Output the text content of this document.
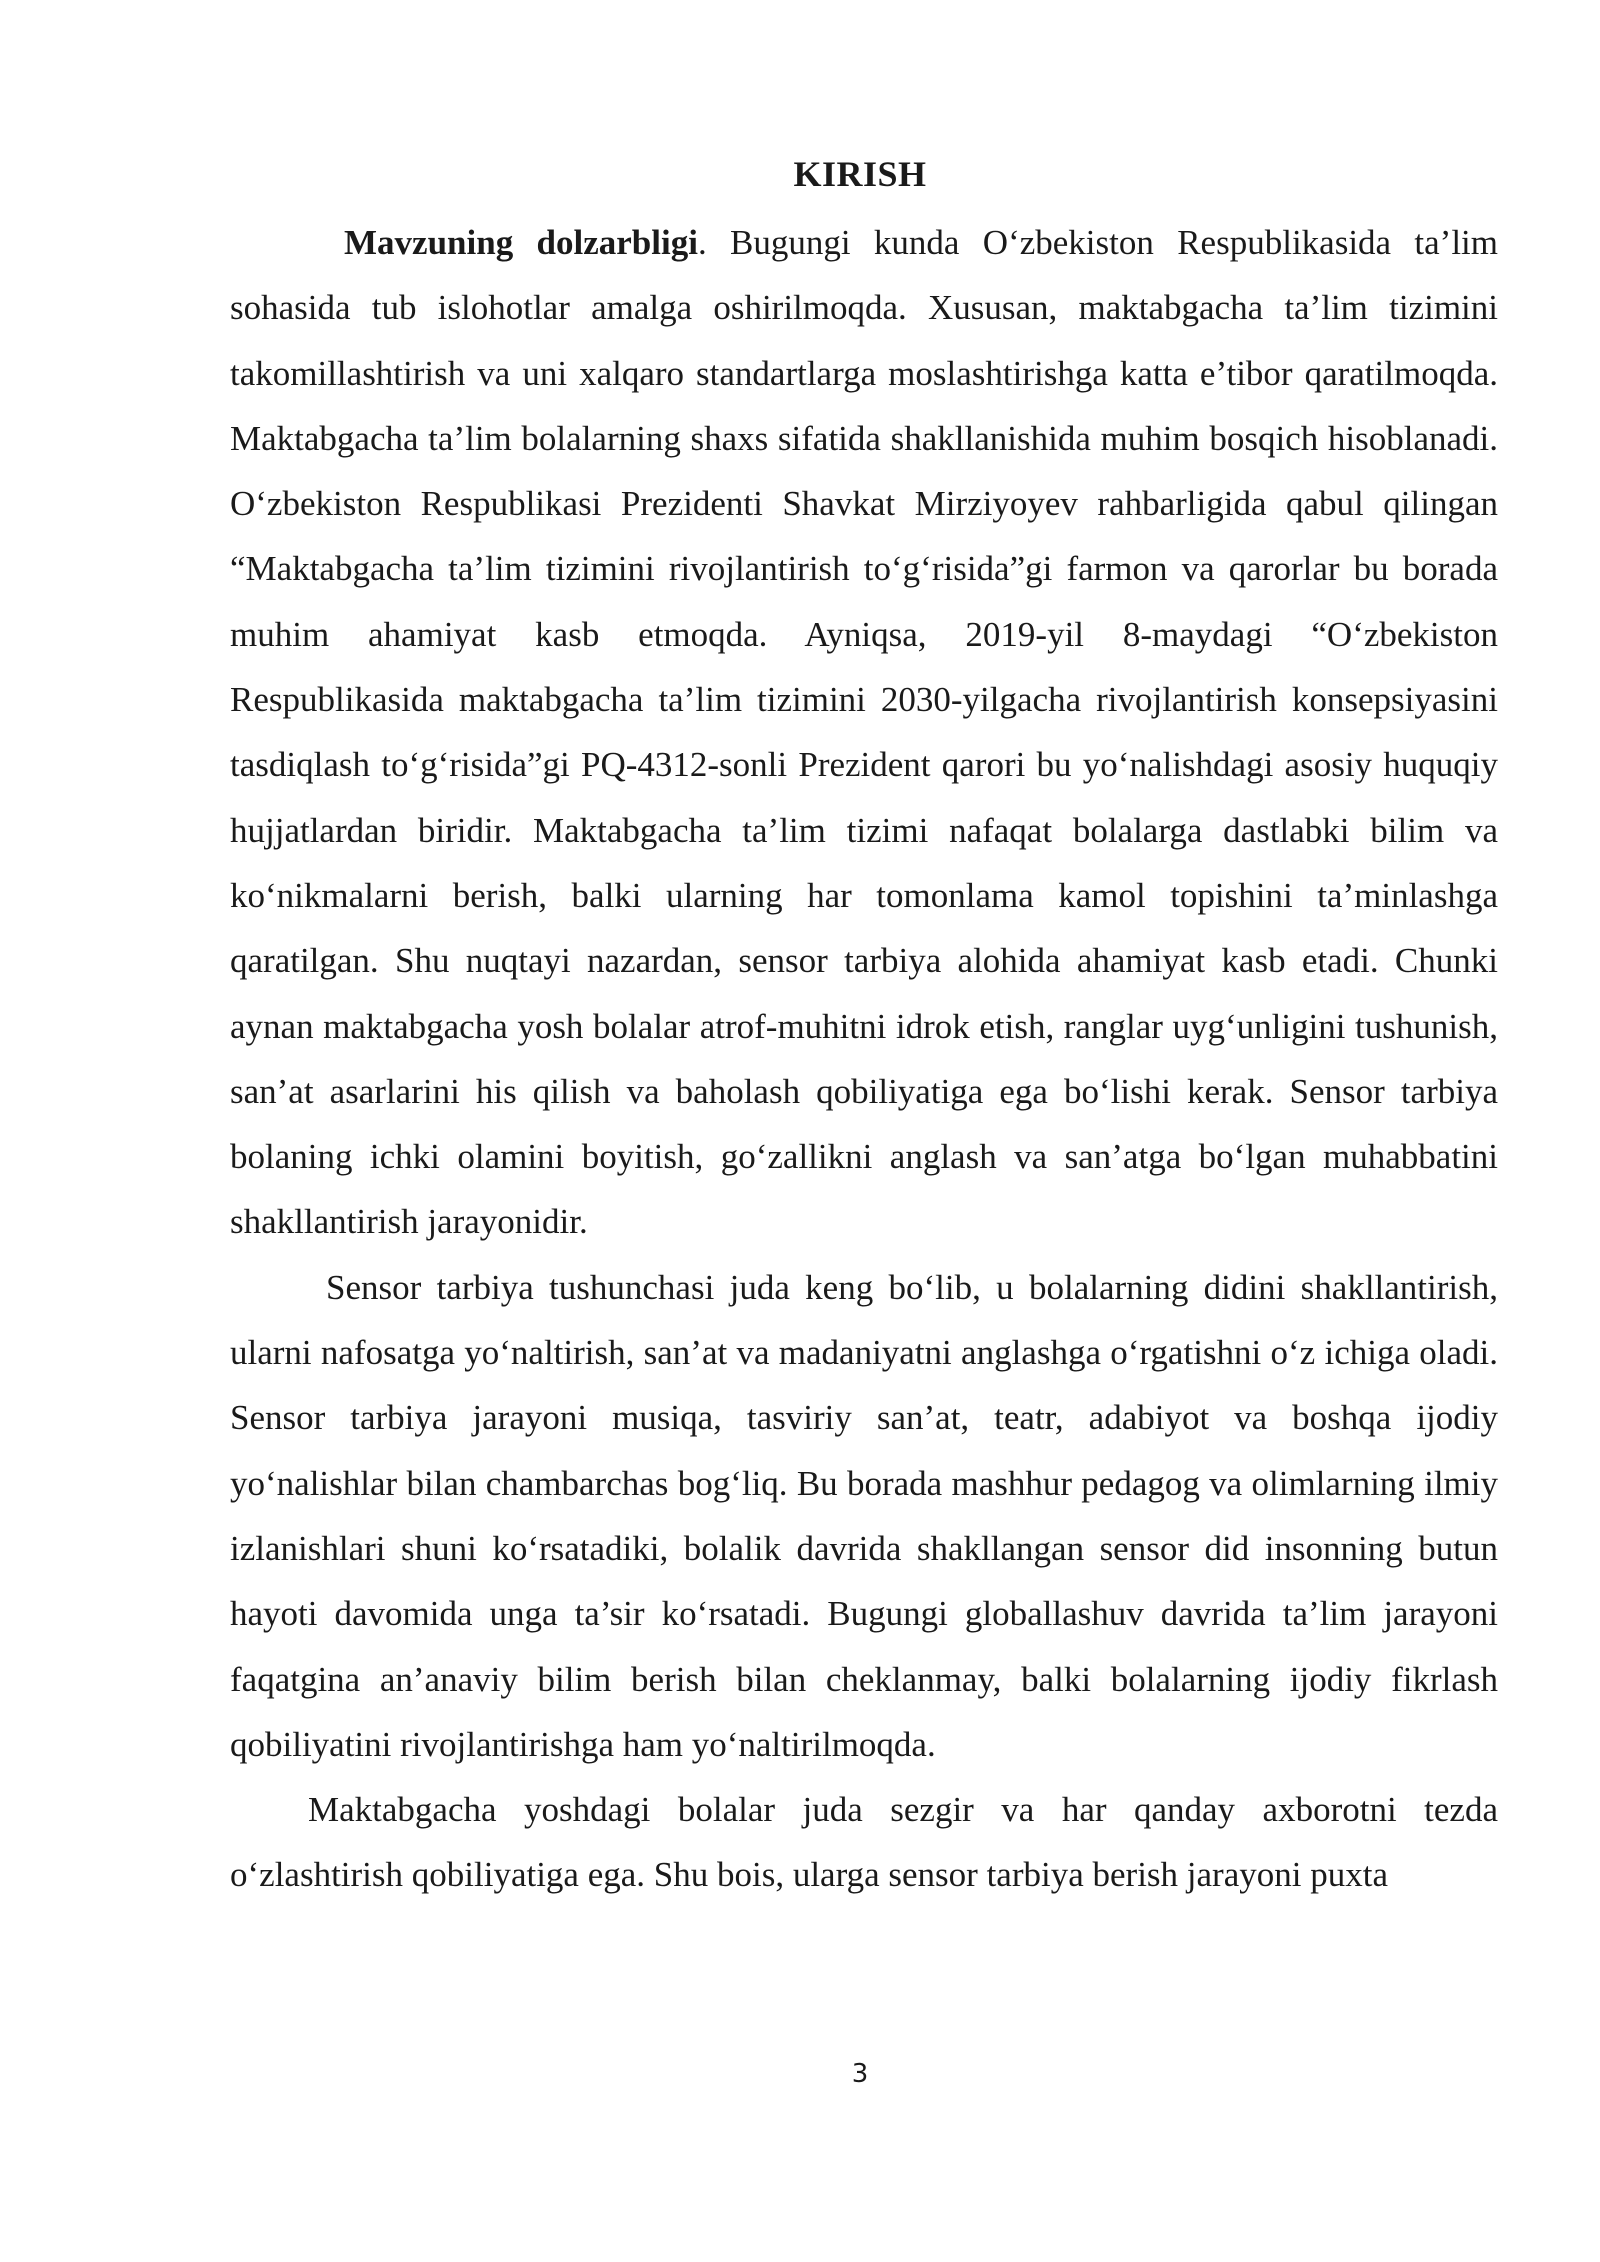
KIRISH

Mavzuning dolzarbligi. Bugungi kunda O‘zbekiston Respublikasida ta’lim sohasida tub islohotlar amalga oshirilmoqda. Xususan, maktabgacha ta’lim tizimini takomillashtirish va uni xalqaro standartlarga moslashtirishga katta e’tibor qaratilmoqda. Maktabgacha ta’lim bolalarning shaxs sifatida shakllanishida muhim bosqich hisoblanadi. O‘zbekiston Respublikasi Prezidenti Shavkat Mirziyoyev rahbarligida qabul qilingan “Maktabgacha ta’lim tizimini rivojlantirish to‘g‘risida”gi farmon va qarorlar bu borada muhim ahamiyat kasb etmoqda. Ayniqsa, 2019-yil 8-maydagi “O‘zbekiston Respublikasida maktabgacha ta’lim tizimini 2030-yilgacha rivojlantirish konsepsiyasini tasdiqlash to‘g‘risida”gi PQ-4312-sonli Prezident qarori bu yo‘nalishdagi asosiy huquqiy hujjatlardan biridir. Maktabgacha ta’lim tizimi nafaqat bolalarga dastlabki bilim va ko‘nikmalarni berish, balki ularning har tomonlama kamol topishini ta’minlashga qaratilgan. Shu nuqtayi nazardan, sensor tarbiya alohida ahamiyat kasb etadi. Chunki aynan maktabgacha yosh bolalar atrof-muhitni idrok etish, ranglar uyg‘unligini tushunish, san’at asarlarini his qilish va baholash qobiliyatiga ega bo‘lishi kerak. Sensor tarbiya bolaning ichki olamini boyitish, go‘zallikni anglash va san’atga bo‘lgan muhabbatini shakllantirish jarayonidir.

Sensor tarbiya tushunchasi juda keng bo‘lib, u bolalarning didini shakllantirish, ularni nafosatga yo‘naltirish, san’at va madaniyatni anglashga o‘rgatishni o‘z ichiga oladi. Sensor tarbiya jarayoni musiqa, tasviriy san’at, teatr, adabiyot va boshqa ijodiy yo‘nalishlar bilan chambarchas bog‘liq. Bu borada mashhur pedagog va olimlarning ilmiy izlanishlari shuni ko‘rsatadiki, bolalik davrida shakllangan sensor did insonning butun hayoti davomida unga ta’sir ko‘rsatadi. Bugungi globallashuv davrida ta’lim jarayoni faqatgina an’anaviy bilim berish bilan cheklanmay, balki bolalarning ijodiy fikrlash qobiliyatini rivojlantirishga ham yo‘naltirilmoqda.

Maktabgacha yoshdagi bolalar juda sezgir va har qanday axborotni tezda o‘zlashtirish qobiliyatiga ega. Shu bois, ularga sensor tarbiya berish jarayoni puxta

3
